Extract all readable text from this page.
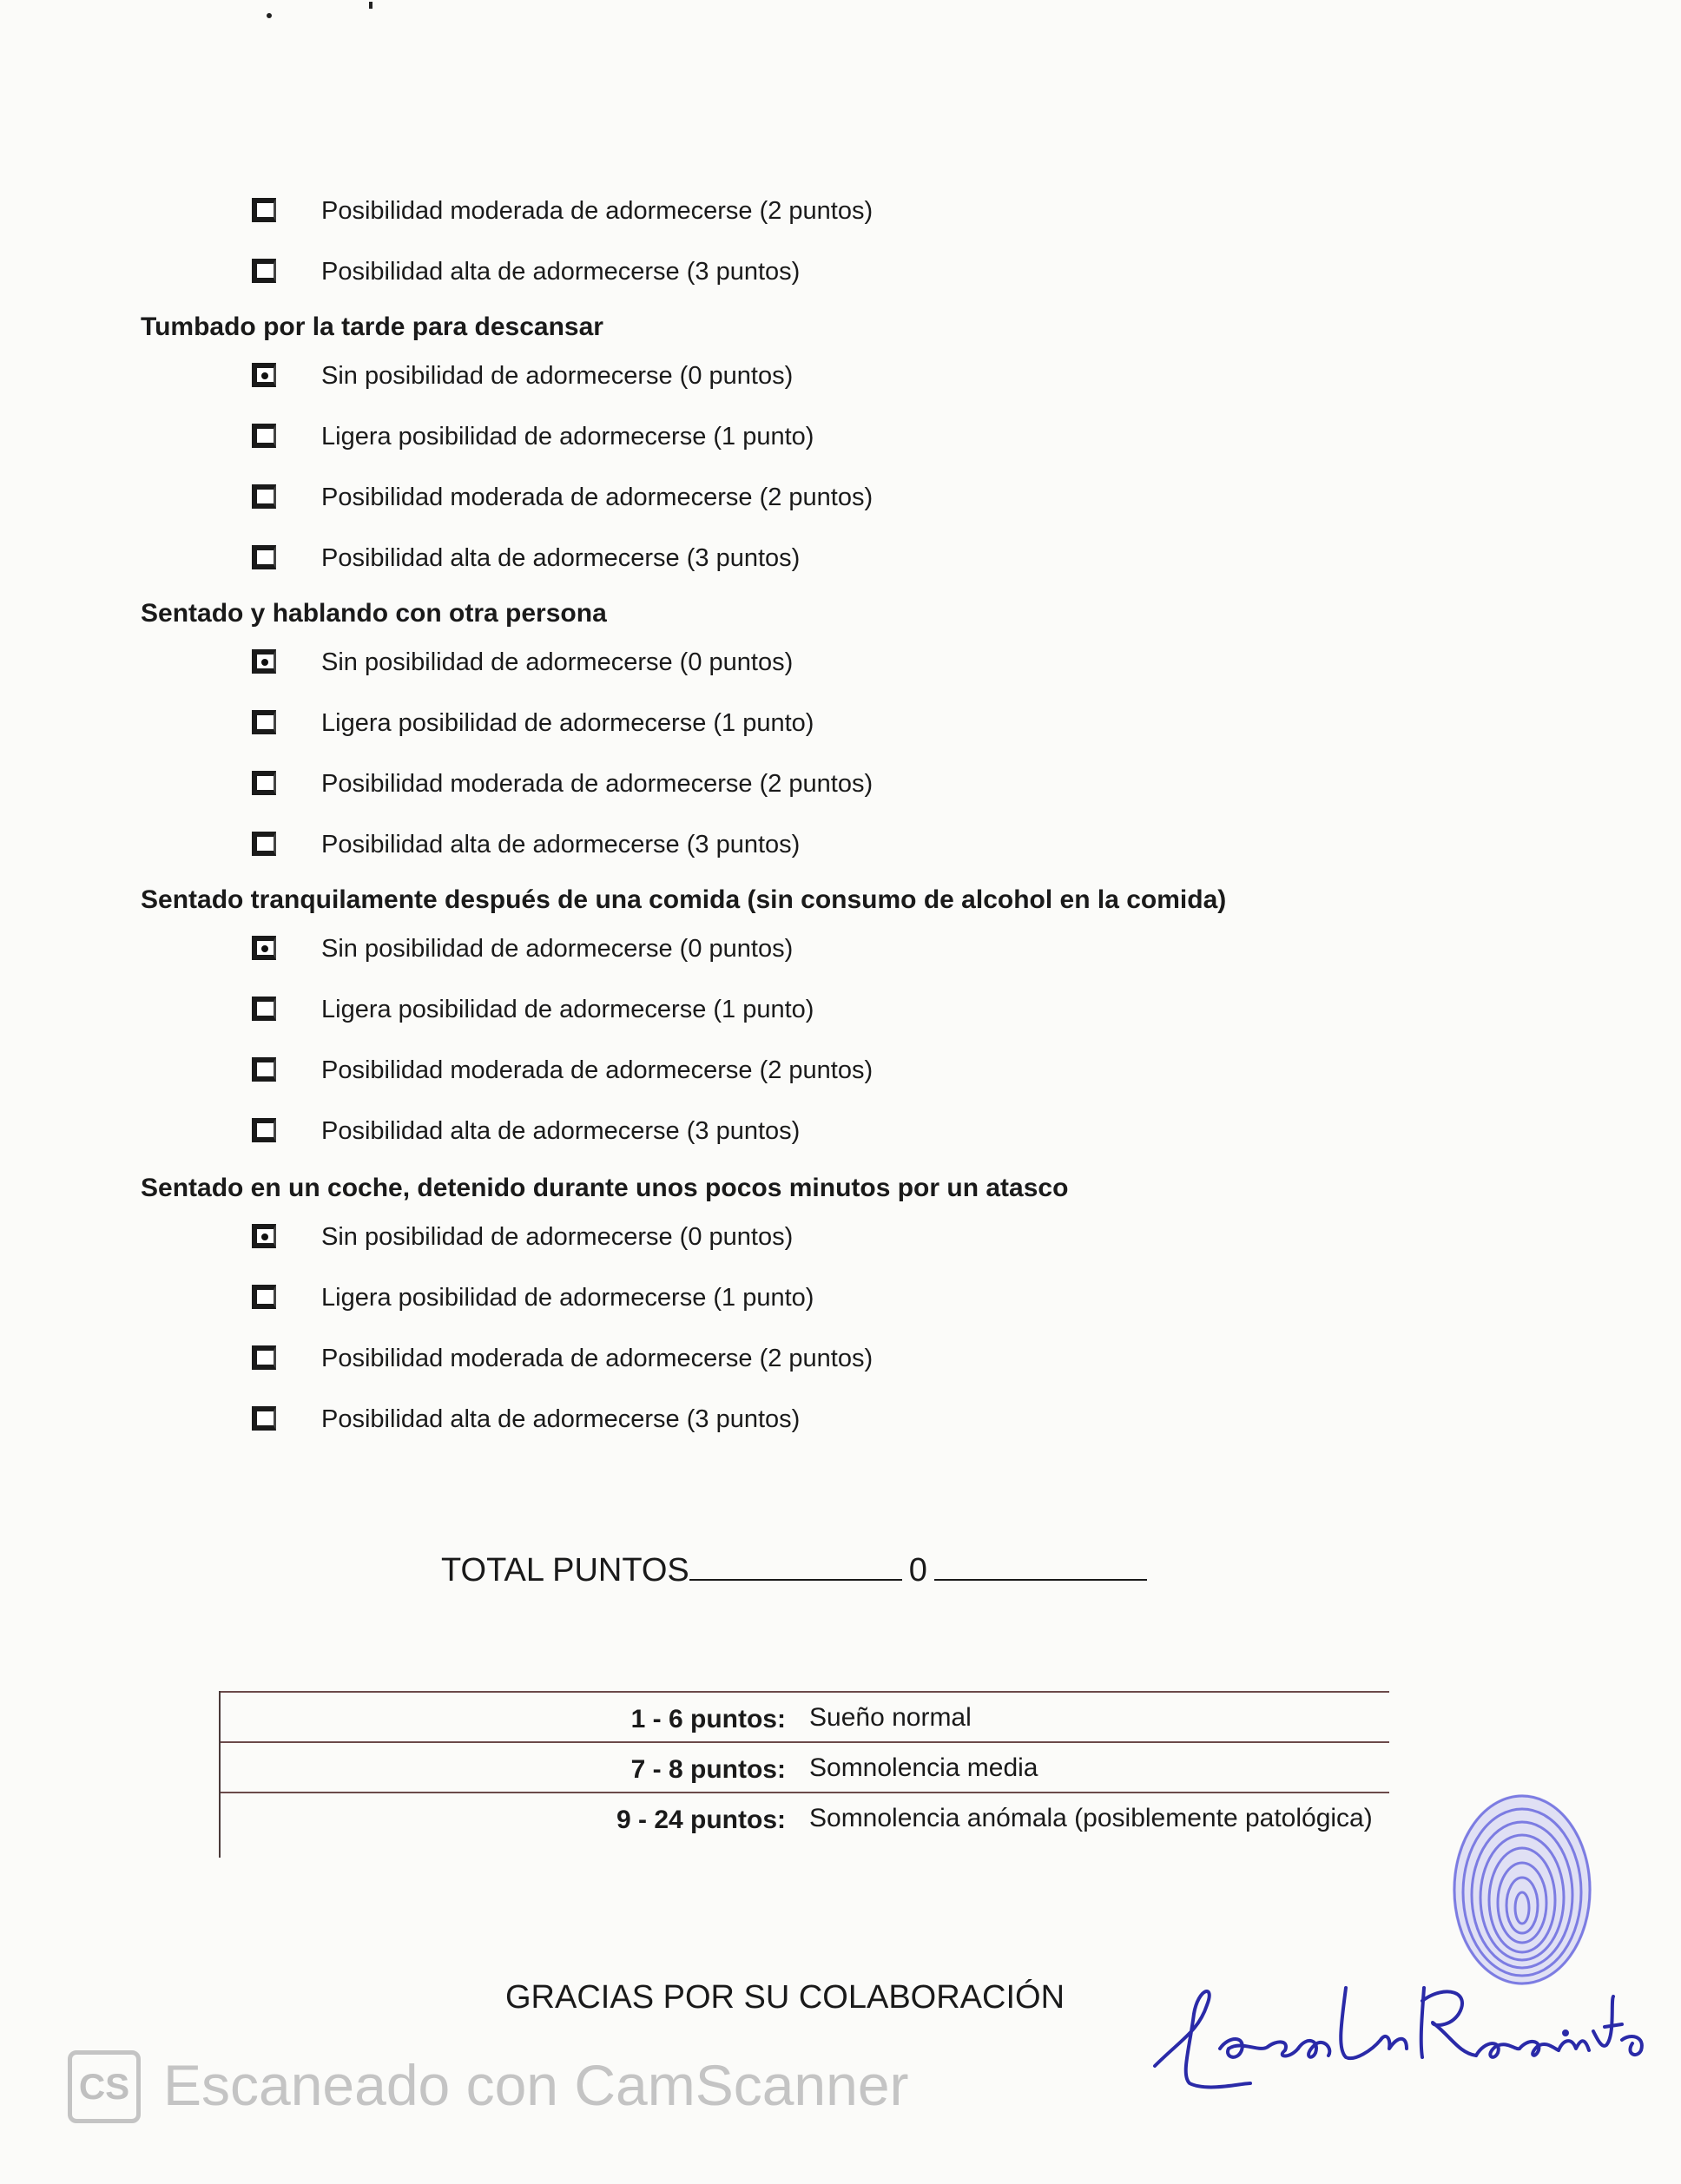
Posibilidad moderada de adormecerse (2 puntos)
Posibilidad alta de adormecerse (3 puntos)
Tumbado por la tarde para descansar
Sin posibilidad de adormecerse (0 puntos)
Ligera posibilidad de adormecerse (1 punto)
Posibilidad moderada de adormecerse (2 puntos)
Posibilidad alta de adormecerse (3 puntos)
Sentado y hablando con otra persona
Sin posibilidad de adormecerse (0 puntos)
Ligera posibilidad de adormecerse (1 punto)
Posibilidad moderada de adormecerse (2 puntos)
Posibilidad alta de adormecerse (3 puntos)
Sentado tranquilamente después de una comida (sin consumo de alcohol en la comida)
Sin posibilidad de adormecerse (0 puntos)
Ligera posibilidad de adormecerse (1 punto)
Posibilidad moderada de adormecerse (2 puntos)
Posibilidad alta de adormecerse (3 puntos)
Sentado en un coche, detenido durante unos pocos minutos por un atasco
Sin posibilidad de adormecerse (0 puntos)
Ligera posibilidad de adormecerse (1 punto)
Posibilidad moderada de adormecerse (2 puntos)
Posibilidad alta de adormecerse (3 puntos)
TOTAL PUNTOS	0
1 - 6 puntos: Sueño normal
7 - 8 puntos: Somnolencia media
9 - 24 puntos: Somnolencia anómala (posiblemente patológica)
GRACIAS POR SU COLABORACIÓN
CS Escaneado con CamScanner
